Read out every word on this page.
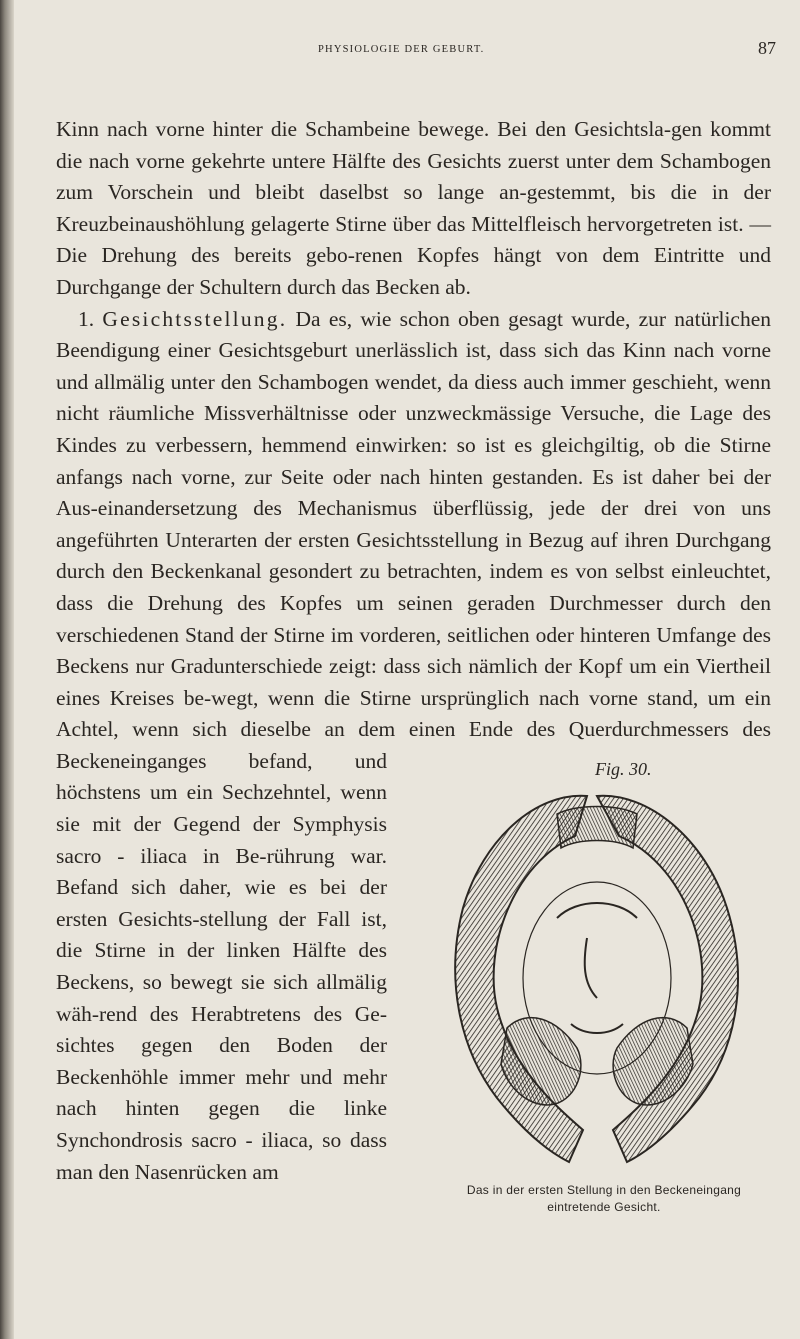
PHYSIOLOGIE DER GEBURT.	87

Kinn nach vorne hinter die Schambeine bewege. Bei den Gesichtsla-gen kommt die nach vorne gekehrte untere Hälfte des Gesichts zuerst unter dem Schambogen zum Vorschein und bleibt daselbst so lange an-gestemmt, bis die in der Kreuzbeinaushöhlung gelagerte Stirne über das Mittelfleisch hervorgetreten ist. — Die Drehung des bereits gebo-renen Kopfes hängt von dem Eintritte und Durchgange der Schultern durch das Becken ab.

1. Gesichtsstellung. Da es, wie schon oben gesagt wurde, zur natürlichen Beendigung einer Gesichtsgeburt unerlässlich ist, dass sich das Kinn nach vorne und allmälig unter den Schambogen wendet, da diess auch immer geschieht, wenn nicht räumliche Missverhältnisse oder unzweckmässige Versuche, die Lage des Kindes zu verbessern, hemmend einwirken: so ist es gleichgiltig, ob die Stirne anfangs nach vorne, zur Seite oder nach hinten gestanden. Es ist daher bei der Aus-einandersetzung des Mechanismus überflüssig, jede der drei von uns angeführten Unterarten der ersten Gesichtsstellung in Bezug auf ihren Durchgang durch den Beckenkanal gesondert zu betrachten, indem es von selbst einleuchtet, dass die Drehung des Kopfes um seinen geraden Durchmesser durch den verschiedenen Stand der Stirne im vorderen, seitlichen oder hinteren Umfange des Beckens nur Gradunterschiede zeigt: dass sich nämlich der Kopf um ein Viertheil eines Kreises be-wegt, wenn die Stirne ursprünglich nach vorne stand, um ein Achtel, wenn sich dieselbe an dem einen
Fig. 30.
Das in der ersten Stellung in den Beckeneingang
eintretende Gesicht.
Ende des Querdurchmessers des Beckeneinganges befand, und höchstens um ein Sechzehntel, wenn sie mit der Gegend der Symphysis sacro - iliaca in Be-rührung war. Befand sich daher, wie es bei der ersten Gesichts-stellung der Fall ist, die Stirne in der linken Hälfte des Beckens, so bewegt sie sich allmälig wäh-rend des Herabtretens des Ge-sichtes gegen den Boden der Beckenhöhle immer mehr und mehr nach hinten gegen die linke Synchondrosis sacro - iliaca, so dass man den Nasenrücken am
